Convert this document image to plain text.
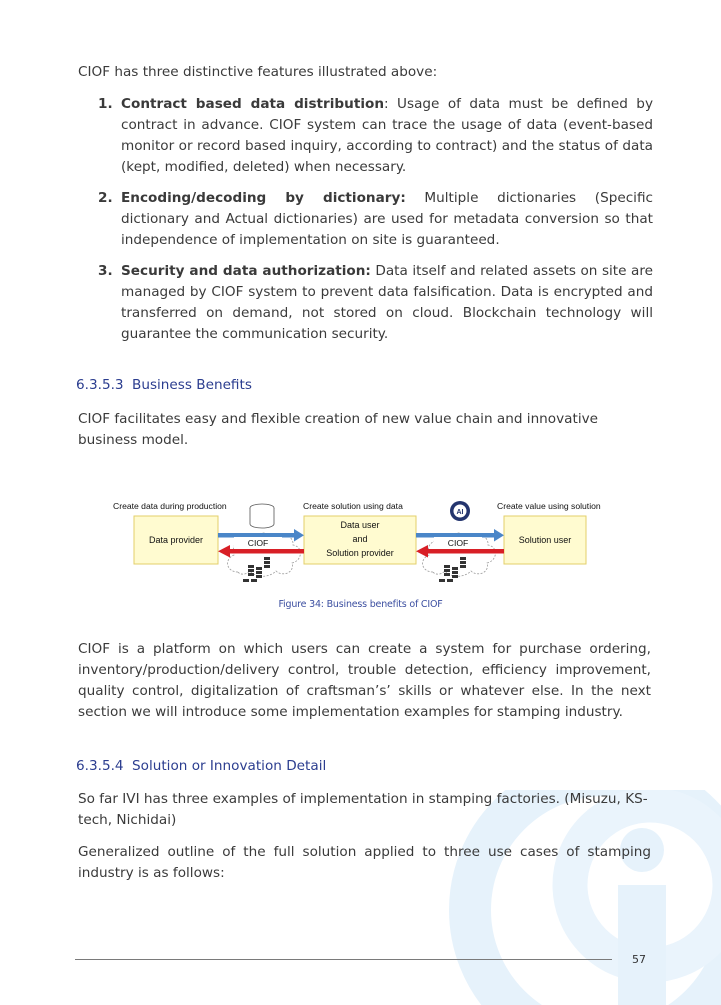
CIOF has three distinctive features illustrated above:

1. Contract based data distribution: Usage of data must be defined by contract in advance. CIOF system can trace the usage of data (event-based monitor or record based inquiry, according to contract) and the status of data (kept, modified, deleted) when necessary.
2. Encoding/decoding by dictionary: Multiple dictionaries (Specific dictionary and Actual dictionaries) are used for metadata conversion so that independence of implementation on site is guaranteed.
3. Security and data authorization: Data itself and related assets on site are managed by CIOF system to prevent data falsification. Data is encrypted and transferred on demand, not stored on cloud. Blockchain technology will guarantee the communication security.
6.3.5.3 Business Benefits

CIOF facilitates easy and flexible creation of new value chain and innovative business model.

Create data during production	Create solution using data	Create value using solution
Data provider
Data user
and
Solution provider
Solution user
AI
CIOF	CIOF
Figure 34: Business benefits of CIOF

CIOF is a platform on which users can create a system for purchase ordering, inventory/production/delivery control, trouble detection, efficiency improvement, quality control, digitalization of craftsman’s’ skills or whatever else. In the next section we will introduce some implementation examples for stamping industry.

6.3.5.4 Solution or Innovation Detail

So far IVI has three examples of implementation in stamping factories. (Misuzu, KS-tech, Nichidai)

Generalized outline of the full solution applied to three use cases of stamping industry is as follows:

57
